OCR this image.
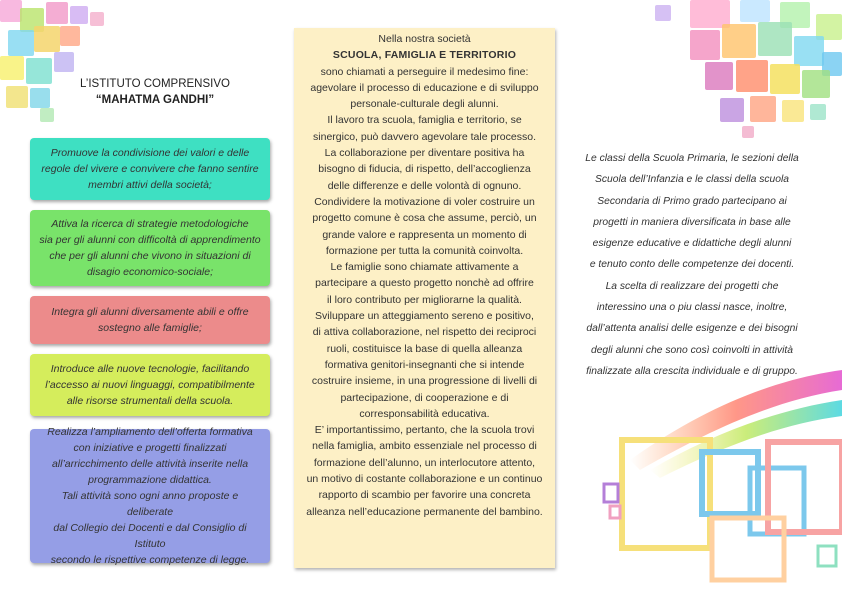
L’ISTITUTO COMPRENSIVO
“MAHATMA GANDHI”
Promuove la condivisione dei valori e delle
regole del vivere e convivere che fanno sentire
membri attivi della società;
Attiva la ricerca di strategie metodologiche
sia per gli alunni con difficoltà di apprendimento
che per gli alunni che vivono in situazioni di
disagio economico-sociale;
Integra gli alunni diversamente abili e offre
sostegno alle famiglie;
Introduce alle nuove tecnologie, facilitando
l’accesso ai nuovi linguaggi, compatibilmente
alle risorse strumentali della scuola.
Realizza l’ampliamento dell’offerta formativa
con iniziative e progetti finalizzati
all’arricchimento delle attività inserite nella
programmazione didattica.
Tali attività sono ogni anno proposte e deliberate
dal Collegio dei Docenti e dal Consiglio di Istituto
secondo le rispettive competenze di legge.
Nella nostra società
SCUOLA, FAMIGLIA E TERRITORIO
sono chiamati a perseguire il medesimo fine:
agevolare il processo di educazione e di sviluppo
personale-culturale degli alunni.
Il lavoro tra scuola, famiglia e territorio, se
sinergico, può davvero agevolare tale processo.
La collaborazione per diventare positiva ha
bisogno di fiducia, di rispetto, dell’accoglienza
delle differenze e delle volontà di ognuno.
Condividere la motivazione di voler costruire un
progetto comune è cosa che assume, perciò, un
grande valore e rappresenta un momento di
formazione per tutta la comunità coinvolta.
Le famiglie sono chiamate attivamente a
partecipare a questo progetto nonchè ad offrire
il loro contributo per migliorarne la qualità.
Sviluppare un atteggiamento sereno e positivo,
di attiva collaborazione, nel rispetto dei reciproci
ruoli, costituisce la base di quella alleanza
formativa genitori-insegnanti che si intende
costruire insieme, in una progressione di livelli di
partecipazione, di cooperazione e di
corresponsabilità educativa.
E’ importantissimo, pertanto, che la scuola trovi
nella famiglia, ambito essenziale nel processo di
formazione dell’alunno, un interlocutore attento,
un motivo di costante collaborazione e un continuo
rapporto di scambio per favorire una concreta
alleanza nell’educazione permanente del bambino.
Le classi della Scuola Primaria, le sezioni della
Scuola dell’Infanzia e le classi della scuola
Secondaria di Primo grado partecipano ai
progetti in maniera diversificata in base alle
esigenze educative e didattiche degli alunni
e tenuto conto delle competenze dei docenti.
La scelta di realizzare dei progetti che
interessino una o piu classi nasce, inoltre,
dall’attenta analisi delle esigenze e dei bisogni
degli alunni che sono così coinvolti in attività
finalizzate alla crescita individuale e di gruppo.
